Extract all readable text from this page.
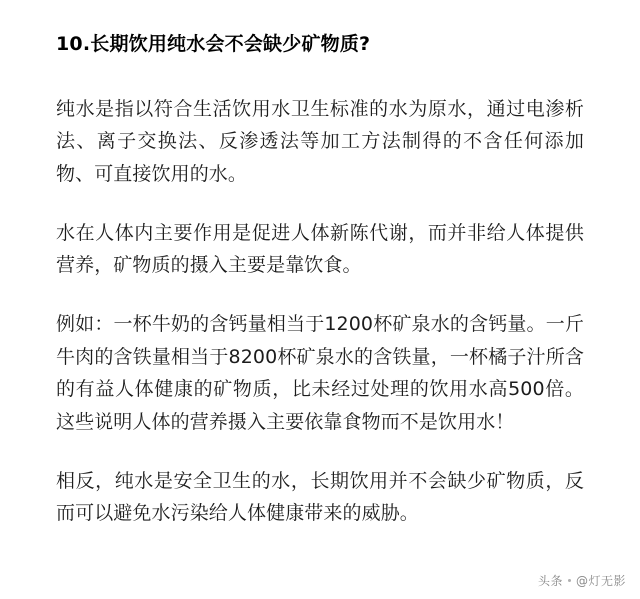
10.长期饮用纯水会不会缺少矿物质?

纯水是指以符合生活饮用水卫生标准的水为原水，通过电渗析法、离子交换法、反渗透法等加工方法制得的不含任何添加物、可直接饮用的水。

水在人体内主要作用是促进人体新陈代谢，而并非给人体提供营养，矿物质的摄入主要是靠饮食。

例如：一杯牛奶的含钙量相当于1200杯矿泉水的含钙量。一斤牛肉的含铁量相当于8200杯矿泉水的含铁量，一杯橘子汁所含的有益人体健康的矿物质，比未经过处理的饮用水高500倍。这些说明人体的营养摄入主要依靠食物而不是饮用水！

相反，纯水是安全卫生的水，长期饮用并不会缺少矿物质，反而可以避免水污染给人体健康带来的威胁。

头条 @灯无影
